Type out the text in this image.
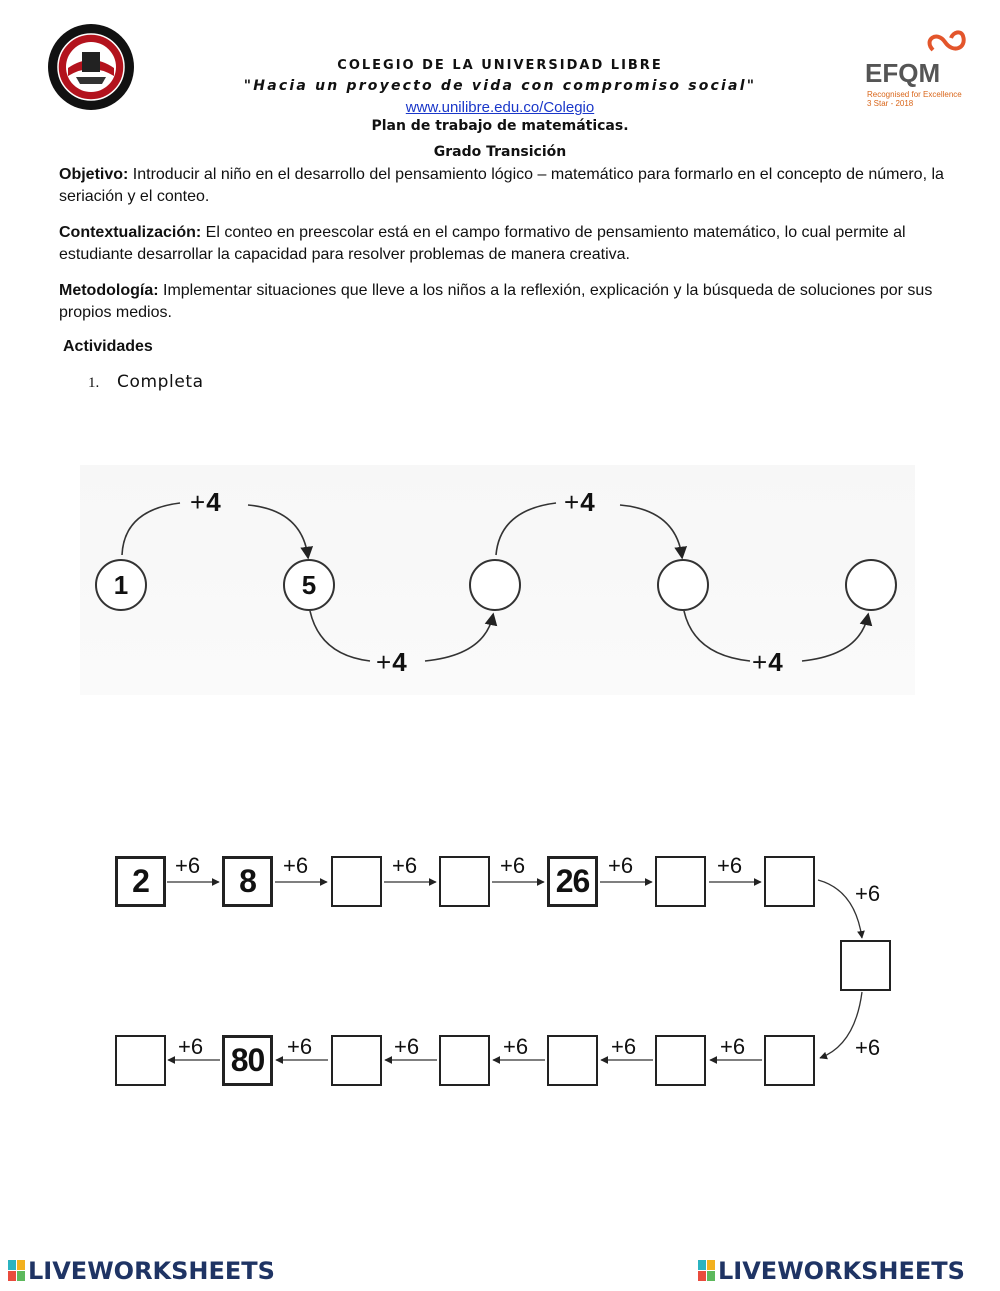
EFQM
Recognised for Excellence
3 Star - 2018
COLEGIO DE LA UNIVERSIDAD LIBRE
"Hacia un proyecto de vida con compromiso social"
www.unilibre.edu.co/Colegio
Plan de trabajo de matemáticas.
Grado Transición
Objetivo: Introducir al niño en el desarrollo del pensamiento lógico – matemático para formarlo en el concepto de número, la seriación y el conteo.
Contextualización: El conteo en preescolar está en el campo formativo de pensamiento matemático, lo cual permite al estudiante desarrollar la capacidad para resolver problemas de manera creativa.
Metodología: Implementar situaciones que lleve a los niños a la reflexión, explicación y la búsqueda de soluciones por sus propios medios.
Actividades
1. Completa
1	5
+4
+4
+4
+4
2	8	26
80
+6	+6	+6	+6	+6	+6
+6
+6
+6	+6	+6	+6	+6	+6
LIVEWORKSHEETS	LIVEWORKSHEETS
